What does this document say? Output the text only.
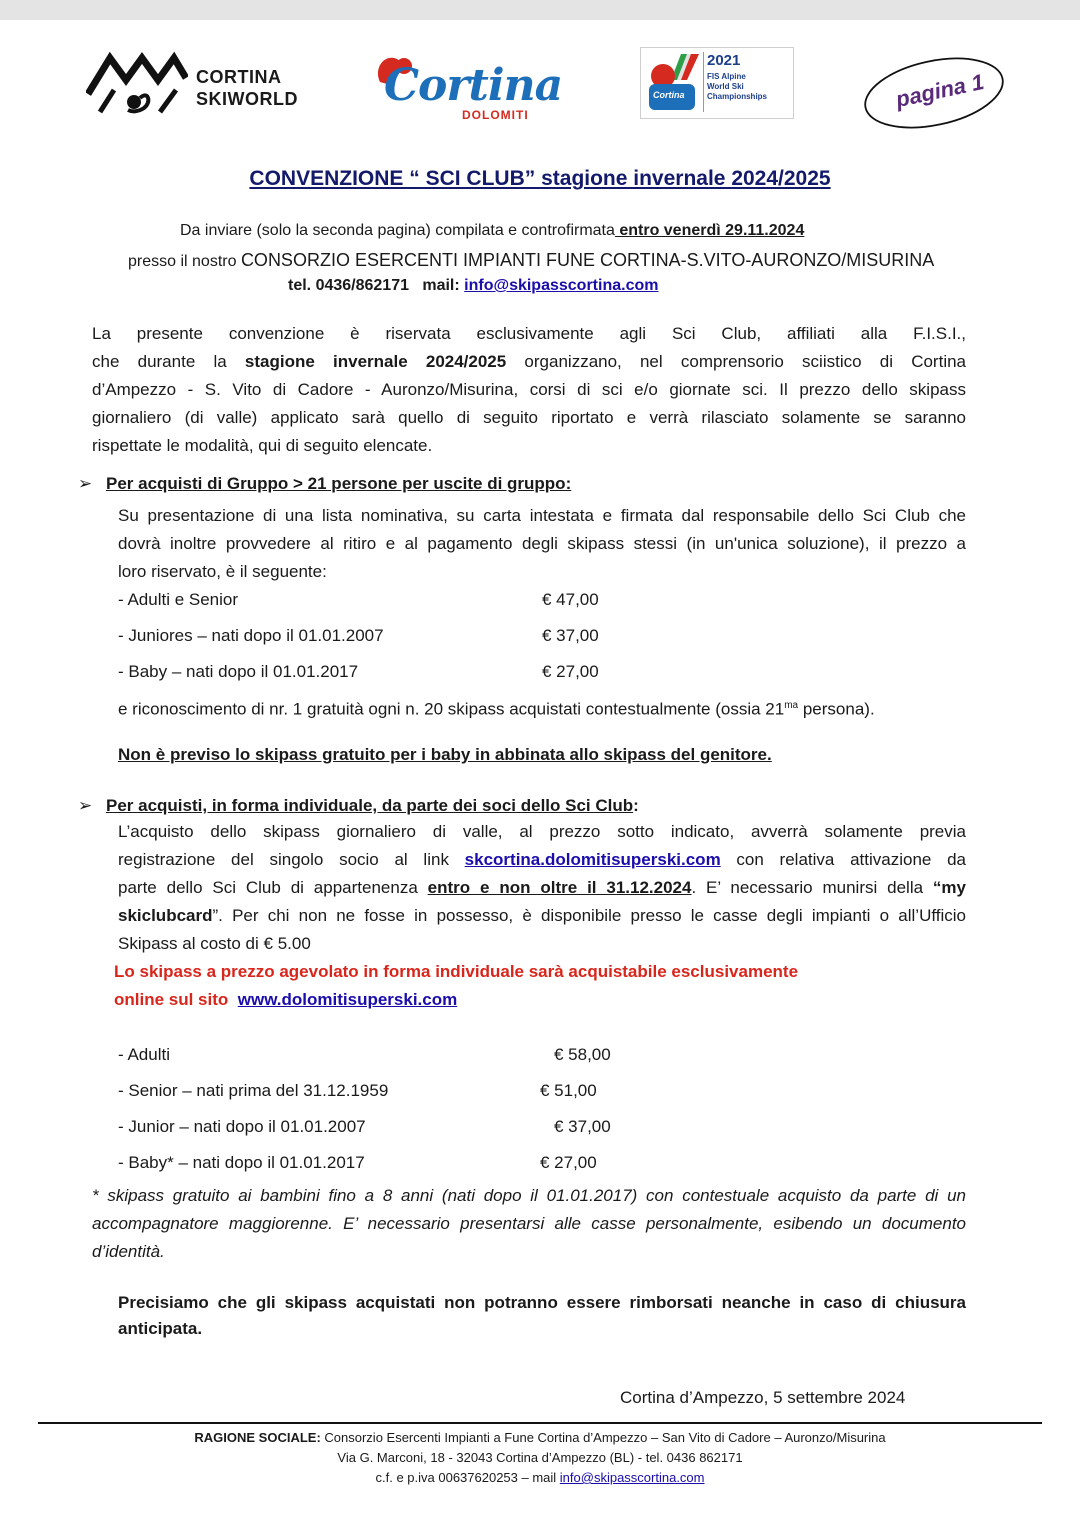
CORTINA
SKIWORLD Cortina
DOLOMITI
Cortina
2021
FIS Alpine
World Ski
Championships	pagina 1
CONVENZIONE “ SCI CLUB” stagione invernale 2024/2025
Da inviare (solo la seconda pagina) compilata e controfirmata entro venerdì 29.11.2024
presso il nostro CONSORZIO ESERCENTI IMPIANTI FUNE CORTINA-S.VITO-AURONZO/MISURINA
tel. 0436/862171 mail: info@skipasscortina.com
La presente convenzione è riservata esclusivamente agli Sci Club, affiliati alla F.I.S.I.,
che durante la stagione invernale 2024/2025 organizzano, nel comprensorio sciistico di Cortina
d’Ampezzo - S. Vito di Cadore - Auronzo/Misurina, corsi di sci e/o giornate sci. Il prezzo dello skipass
giornaliero (di valle) applicato sarà quello di seguito riportato e verrà rilasciato solamente se saranno
rispettate le modalità, qui di seguito elencate.
➢ Per acquisti di Gruppo > 21 persone per uscite di gruppo:
Su presentazione di una lista nominativa, su carta intestata e firmata dal responsabile dello Sci Club che
dovrà inoltre provvedere al ritiro e al pagamento degli skipass stessi (in un'unica soluzione), il prezzo a
loro riservato, è il seguente:
- Adulti e Senior	€ 47,00
- Juniores – nati dopo il 01.01.2007	€ 37,00
- Baby – nati dopo il 01.01.2017	€ 27,00
e riconoscimento di nr. 1 gratuità ogni n. 20 skipass acquistati contestualmente (ossia $21^{ma}$ persona).
Non è previso lo skipass gratuito per i baby in abbinata allo skipass del genitore.
➢ Per acquisti, in forma individuale, da parte dei soci dello Sci Club:
L’acquisto dello skipass giornaliero di valle, al prezzo sotto indicato, avverrà solamente previa
registrazione del singolo socio al link skcortina.dolomitisuperski.com con relativa attivazione da
parte dello Sci Club di appartenenza entro e non oltre il 31.12.2024. E’ necessario munirsi della “my
skiclubcard”. Per chi non ne fosse in possesso, è disponibile presso le casse degli impianti o all’Ufficio
Skipass al costo di € 5.00
Lo skipass a prezzo agevolato in forma individuale sarà acquistabile esclusivamente
online sul sito  www.dolomitisuperski.com
- Adulti	€ 58,00
- Senior – nati prima del 31.12.1959	€ 51,00
- Junior – nati dopo il 01.01.2007	€ 37,00
- Baby* – nati dopo il 01.01.2017	€ 27,00
* skipass gratuito ai bambini fino a 8 anni (nati dopo il 01.01.2017) con contestuale acquisto da parte di un
accompagnatore maggiorenne. E’ necessario presentarsi alle casse personalmente, esibendo un documento
d’identità.
Precisiamo che gli skipass acquistati non potranno essere rimborsati neanche in caso di chiusura
anticipata.
Cortina d’Ampezzo, 5 settembre 2024
RAGIONE SOCIALE: Consorzio Esercenti Impianti a Fune Cortina d’Ampezzo – San Vito di Cadore – Auronzo/Misurina
Via G. Marconi, 18 - 32043 Cortina d’Ampezzo (BL) - tel. 0436 862171
c.f. e p.iva 00637620253 – mail info@skipasscortina.com
